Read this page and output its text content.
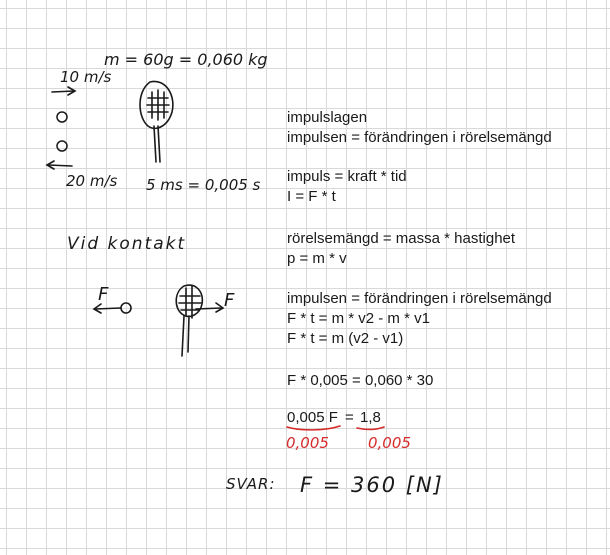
m = 60g = 0,060 kg
10 m/s
20 m/s 5 ms = 0,005 s
Vid kontakt
F	F
impulslagen
impulsen = förändringen i rörelsemängd
impuls = kraft * tid
I = F * t
rörelsemängd = massa * hastighet
p = m * v
impulsen = förändringen i rörelsemängd
F * t = m * v2 - m * v1
F * t = m (v2 - v1)
F * 0,005 = 0,060 * 30
0,005 F = 1,8
0,005	0,005
SVAR: F = 360 [N]
